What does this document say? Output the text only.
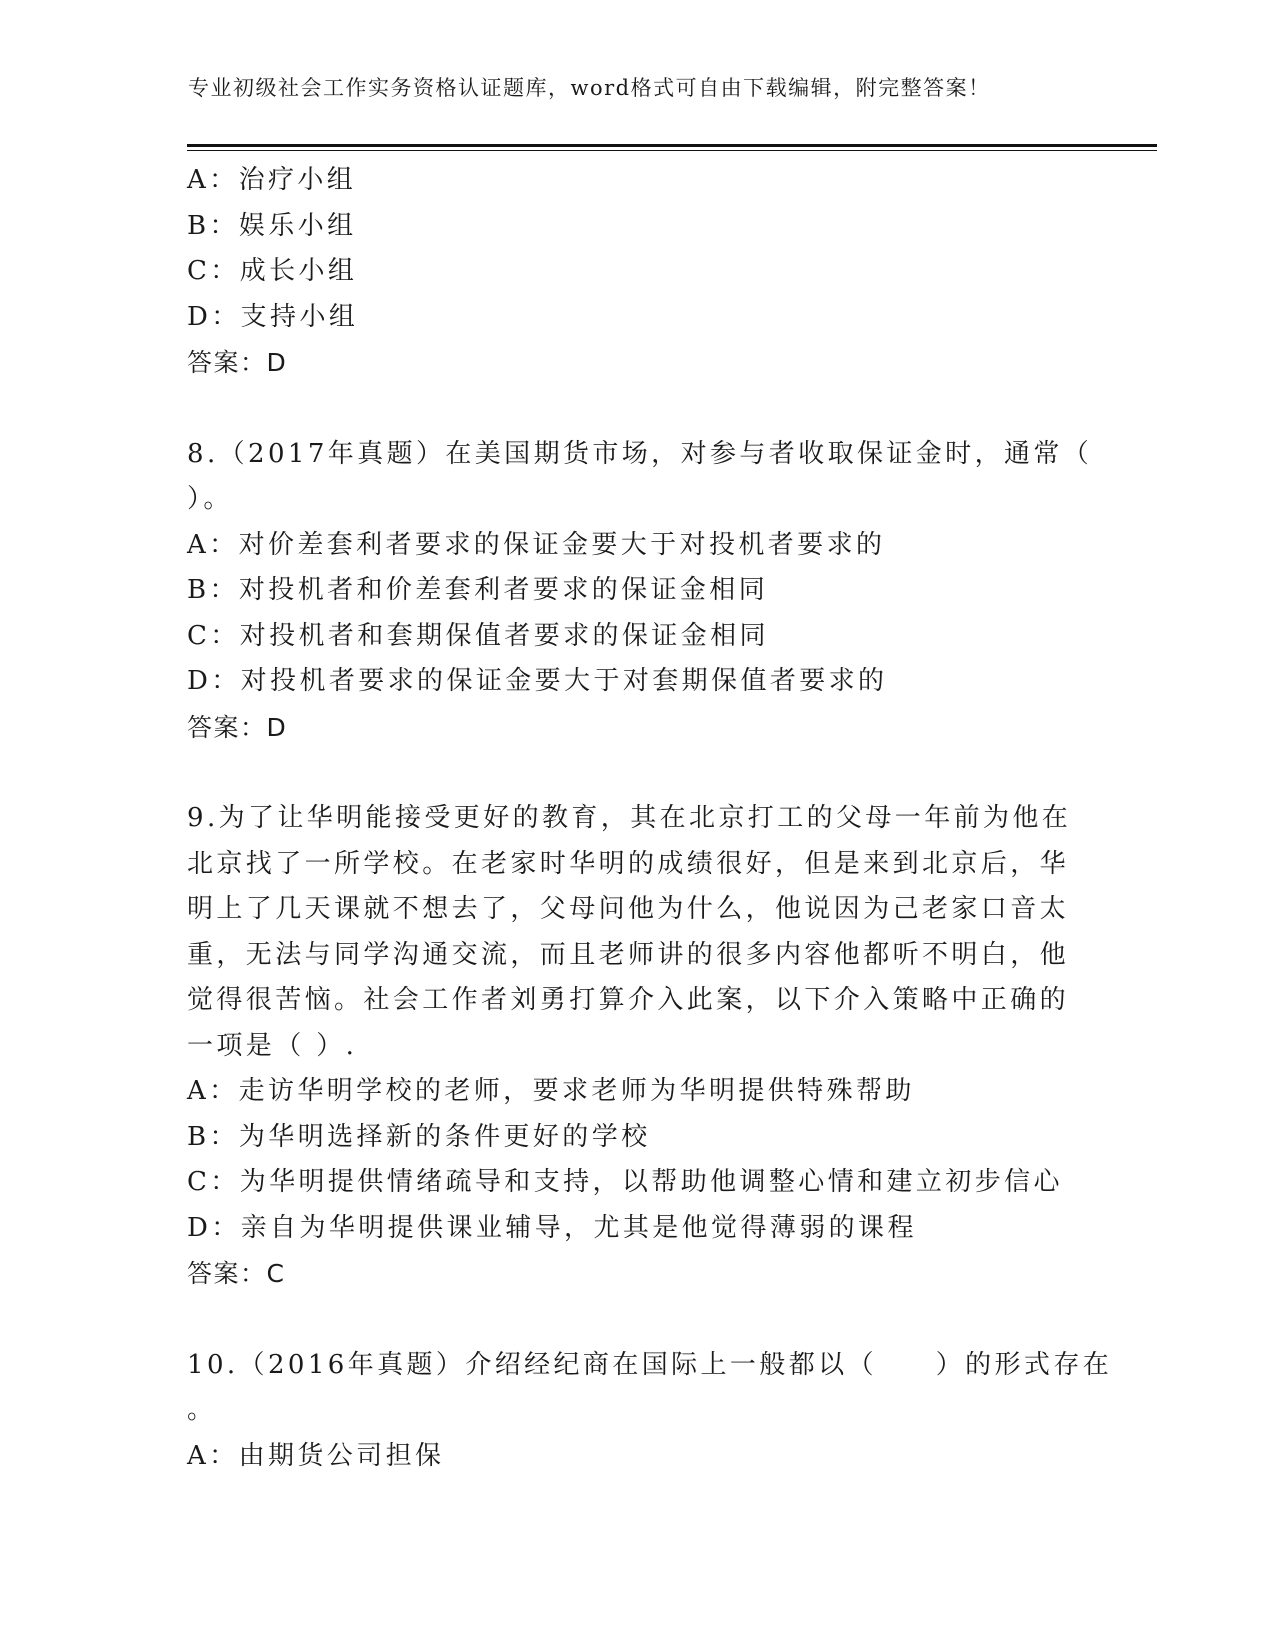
专业初级社会工作实务资格认证题库，word格式可自由下载编辑，附完整答案！
A：治疗小组
B：娱乐小组
C：成长小组
D：支持小组
答案：D
8.（2017年真题）在美国期货市场，对参与者收取保证金时，通常（
）。
A：对价差套利者要求的保证金要大于对投机者要求的
B：对投机者和价差套利者要求的保证金相同
C：对投机者和套期保值者要求的保证金相同
D：对投机者要求的保证金要大于对套期保值者要求的
答案：D
9.为了让华明能接受更好的教育，其在北京打工的父母一年前为他在
北京找了一所学校。在老家时华明的成绩很好，但是来到北京后，华
明上了几天课就不想去了，父母问他为什么，他说因为己老家口音太
重，无法与同学沟通交流，而且老师讲的很多内容他都听不明白，他
觉得很苦恼。社会工作者刘勇打算介入此案，以下介入策略中正确的
一项是（ ）.
A：走访华明学校的老师，要求老师为华明提供特殊帮助
B：为华明选择新的条件更好的学校
C：为华明提供情绪疏导和支持，以帮助他调整心情和建立初步信心
D：亲自为华明提供课业辅导，尤其是他觉得薄弱的课程
答案：C
10.（2016年真题）介绍经纪商在国际上一般都以（　　）的形式存在
。
A：由期货公司担保
